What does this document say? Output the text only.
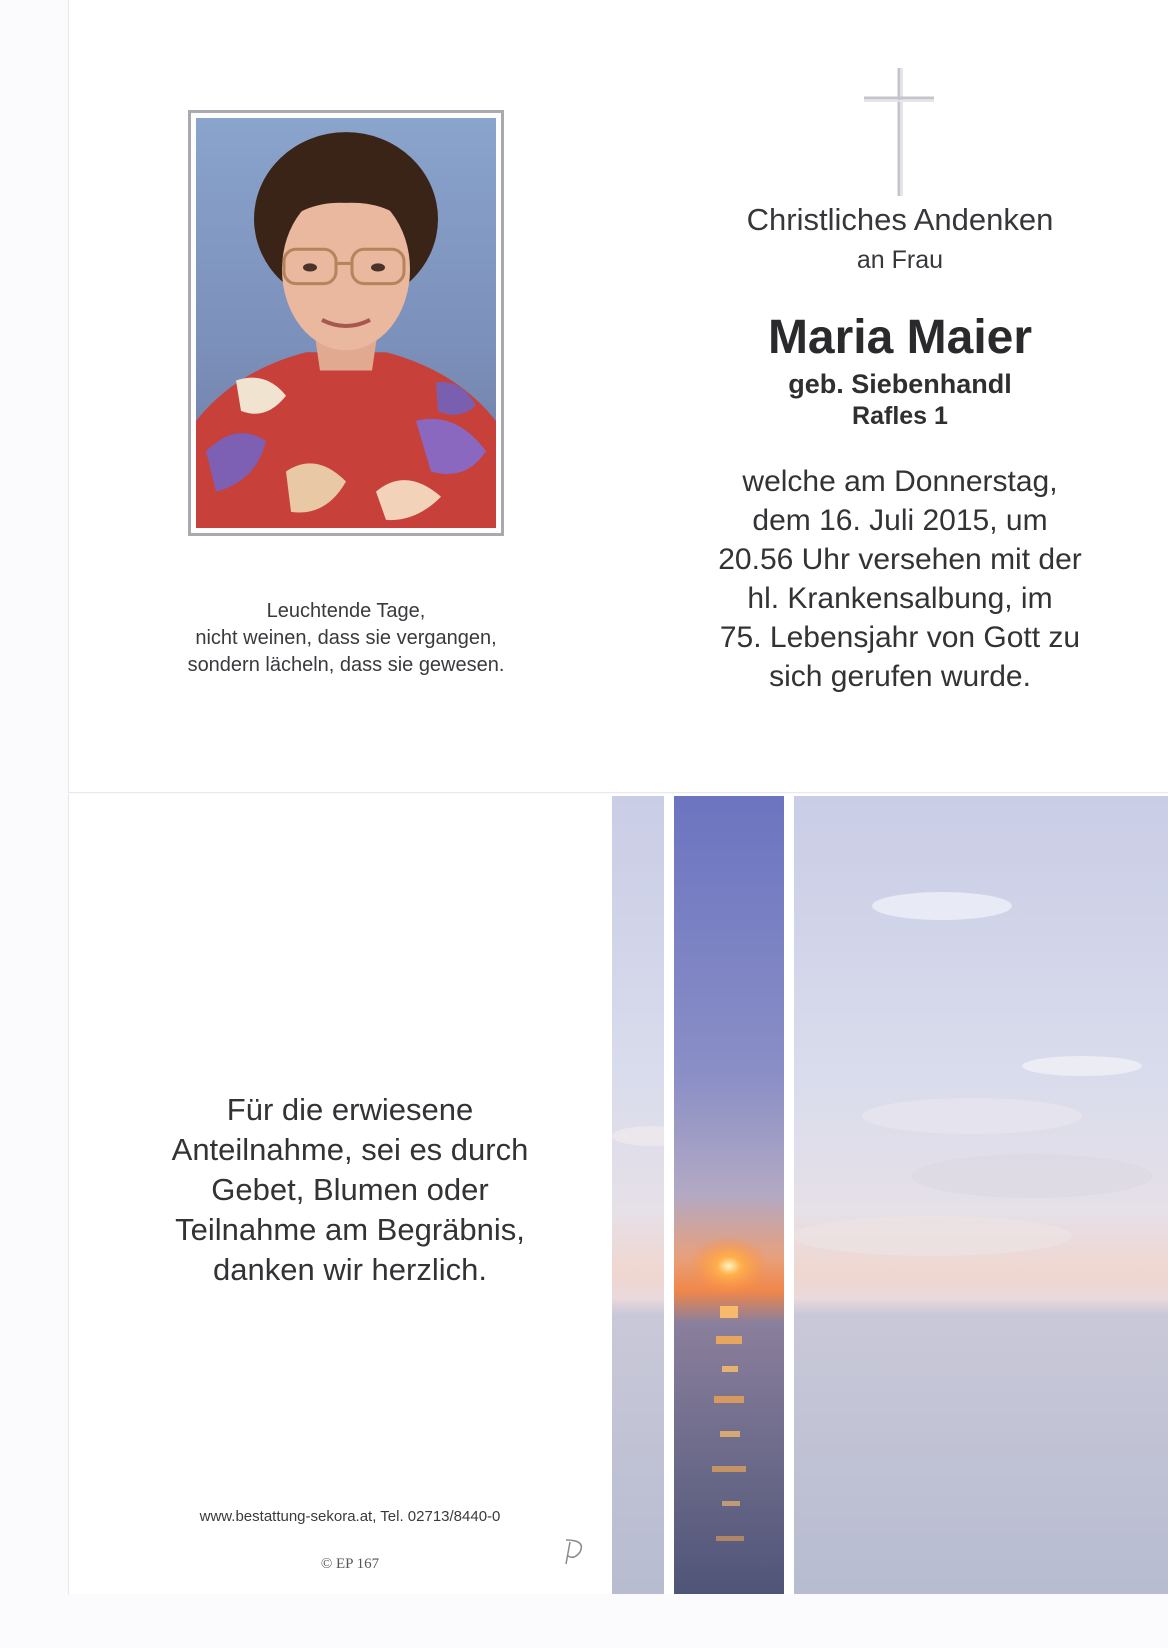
Leuchtende Tage,
nicht weinen, dass sie vergangen,
sondern lächeln, dass sie gewesen.
Christliches Andenken
an Frau
Maria Maier
geb. Siebenhandl
Rafles 1
welche am Donnerstag,
dem 16. Juli 2015, um
20.56 Uhr versehen mit der
hl. Krankensalbung, im
75. Lebensjahr von Gott zu
sich gerufen wurde.
Für die erwiesene
Anteilnahme, sei es durch
Gebet, Blumen oder
Teilnahme am Begräbnis,
danken wir herzlich.
www.bestattung-sekora.at, Tel. 02713/8440-0
© EP 167
